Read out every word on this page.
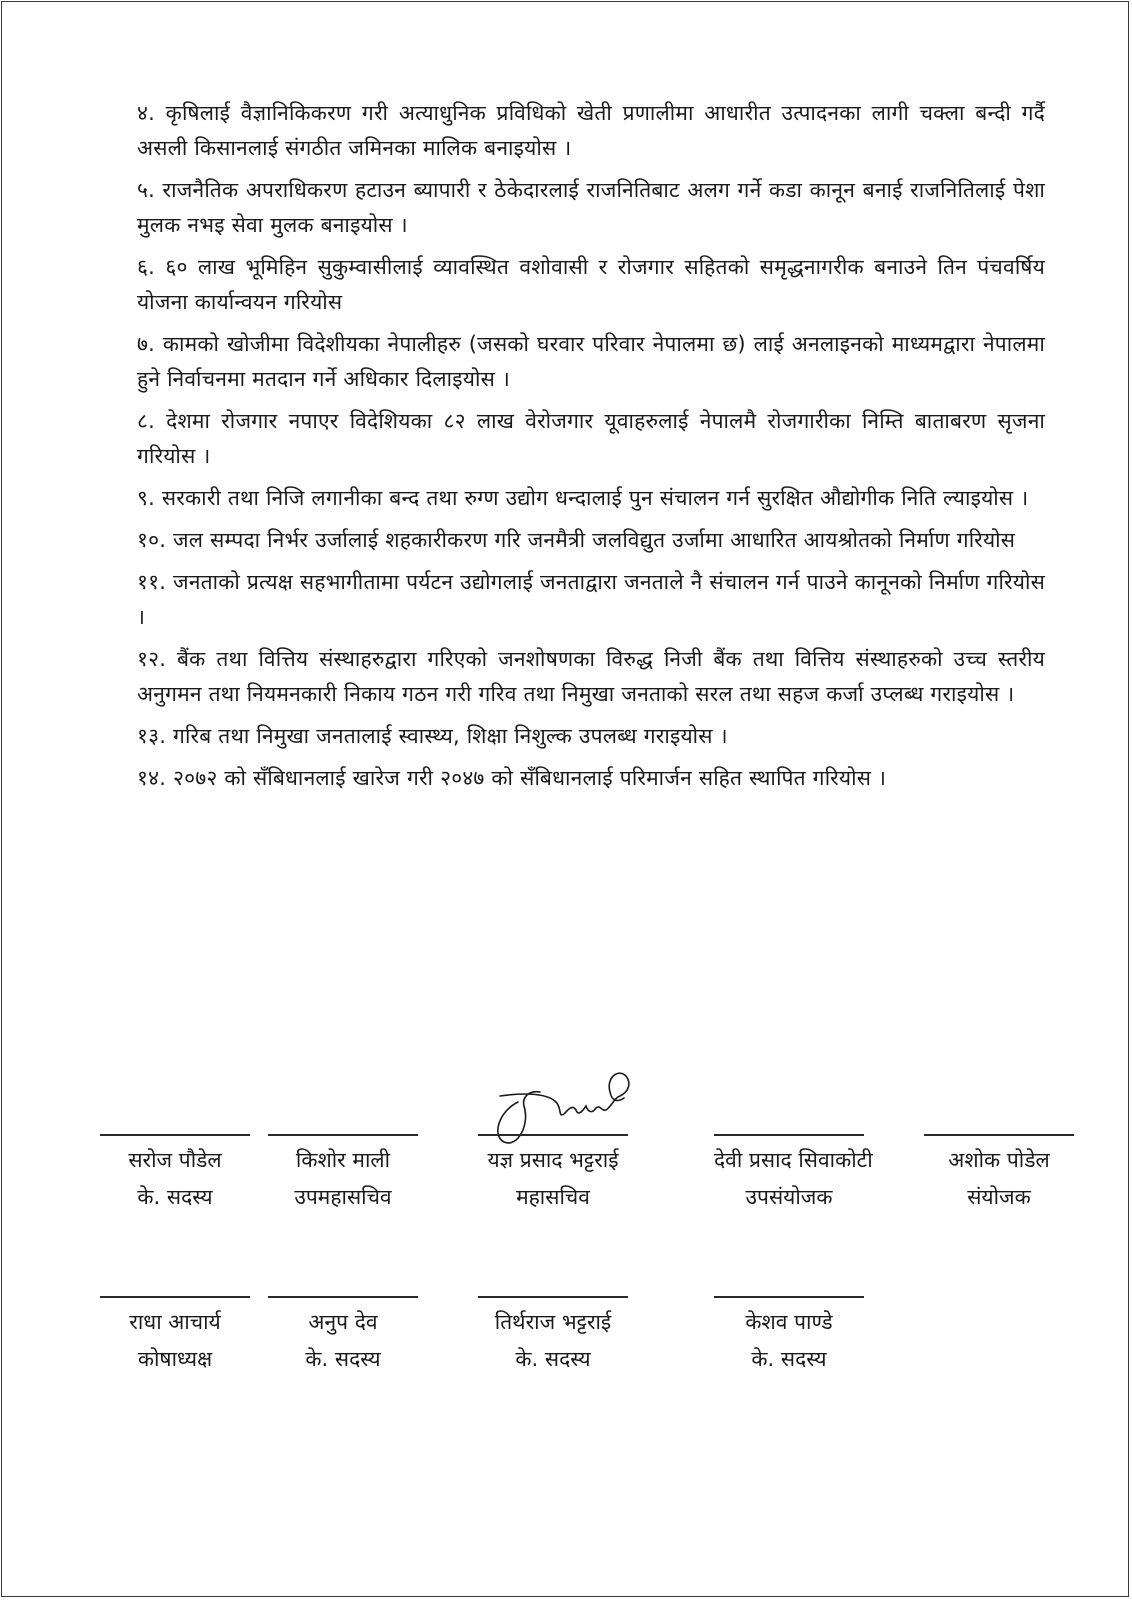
४. कृषिलाई वैज्ञानिकिकरण गरी अत्याधुनिक प्रविधिको खेती प्रणालीमा आधारीत उत्पादनका लागी चक्ला बन्दी गर्दै असली किसानलाई संगठीत जमिनका मालिक बनाइयोस ।

५. राजनैतिक अपराधिकरण हटाउन ब्यापारी र ठेकेदारलाई राजनितिबाट अलग गर्ने कडा कानून बनाई राजनितिलाई पेशा मुलक नभइ सेवा मुलक बनाइयोस ।

६. ६० लाख भूमिहिन सुकुम्वासीलाई व्यावस्थित वशोवासी र रोजगार सहितको समृद्धनागरीक बनाउने तिन पंचवर्षिय योजना कार्यान्वयन गरियोस

७. कामको खोजीमा विदेशीयका नेपालीहरु (जसको घरवार परिवार नेपालमा छ) लाई अनलाइनको माध्यमद्वारा नेपालमा हुने निर्वाचनमा मतदान गर्ने अधिकार दिलाइयोस ।

८. देशमा रोजगार नपाएर विदेशियका ८२ लाख वेरोजगार यूवाहरुलाई नेपालमै रोजगारीका निम्ति बाताबरण सृजना गरियोस ।

९. सरकारी तथा निजि लगानीका बन्द तथा रुग्ण उद्योग धन्दालाई पुन संचालन गर्न सुरक्षित औद्योगीक निति ल्याइयोस ।

१०. जल सम्पदा निर्भर उर्जालाई शहकारीकरण गरि जनमैत्री जलविद्युत उर्जामा आधारित आयश्रोतको निर्माण गरियोस

११. जनताको प्रत्यक्ष सहभागीतामा पर्यटन उद्योगलाई जनताद्वारा जनताले नै संचालन गर्न पाउने कानूनको निर्माण गरियोस ।

१२. बैंक तथा वित्तिय संस्थाहरुद्वारा गरिएको जनशोषणका विरुद्ध निजी बैंक तथा वित्तिय संस्थाहरुको उच्च स्तरीय अनुगमन तथा नियमनकारी निकाय गठन गरी गरिव तथा निमुखा जनताको सरल तथा सहज कर्जा उप्लब्ध गराइयोस ।

१३. गरिब तथा निमुखा जनतालाई स्वास्थ्य, शिक्षा निशुल्क उपलब्ध गराइयोस ।

१४. २०७२ को सँबिधानलाई खारेज गरी २०४७ को सँबिधानलाई परिमार्जन सहित स्थापित गरियोस ।

सरोज पौडेल
के. सदस्य
किशोर माली
उपमहासचिव
यज्ञ प्रसाद भट्टराई
महासचिव
देवी प्रसाद सिवाकोटी
उपसंयोजक
अशोक पोडेल
संयोजक
राधा आचार्य
कोषाध्यक्ष
अनुप देव
के. सदस्य
तिर्थराज भट्टराई
के. सदस्य
केशव पाण्डे
के. सदस्य
